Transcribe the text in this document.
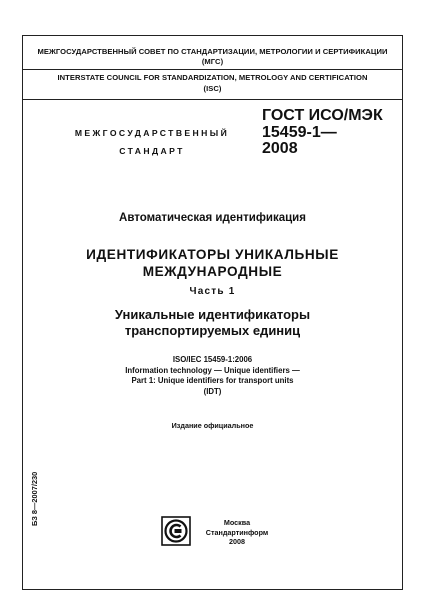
МЕЖГОСУДАРСТВЕННЫЙ СОВЕТ ПО СТАНДАРТИЗАЦИИ, МЕТРОЛОГИИ И СЕРТИФИКАЦИИ
(МГС)
INTERSTATE COUNCIL FOR STANDARDIZATION, METROLOGY AND CERTIFICATION
(ISC)
МЕЖГОСУДАРСТВЕННЫЙ
СТАНДАРТ
ГОСТ ИСО/МЭК
15459-1—
2008
Автоматическая идентификация
ИДЕНТИФИКАТОРЫ УНИКАЛЬНЫЕ
МЕЖДУНАРОДНЫЕ
Часть 1
Уникальные идентификаторы
транспортируемых единиц
ISO/IEC 15459-1:2006
Information technology — Unique identifiers —
Part 1: Unique identifiers for transport units
(IDT)
Издание официальное
БЗ 8—2007/230	Москва
Стандартинформ
2008
